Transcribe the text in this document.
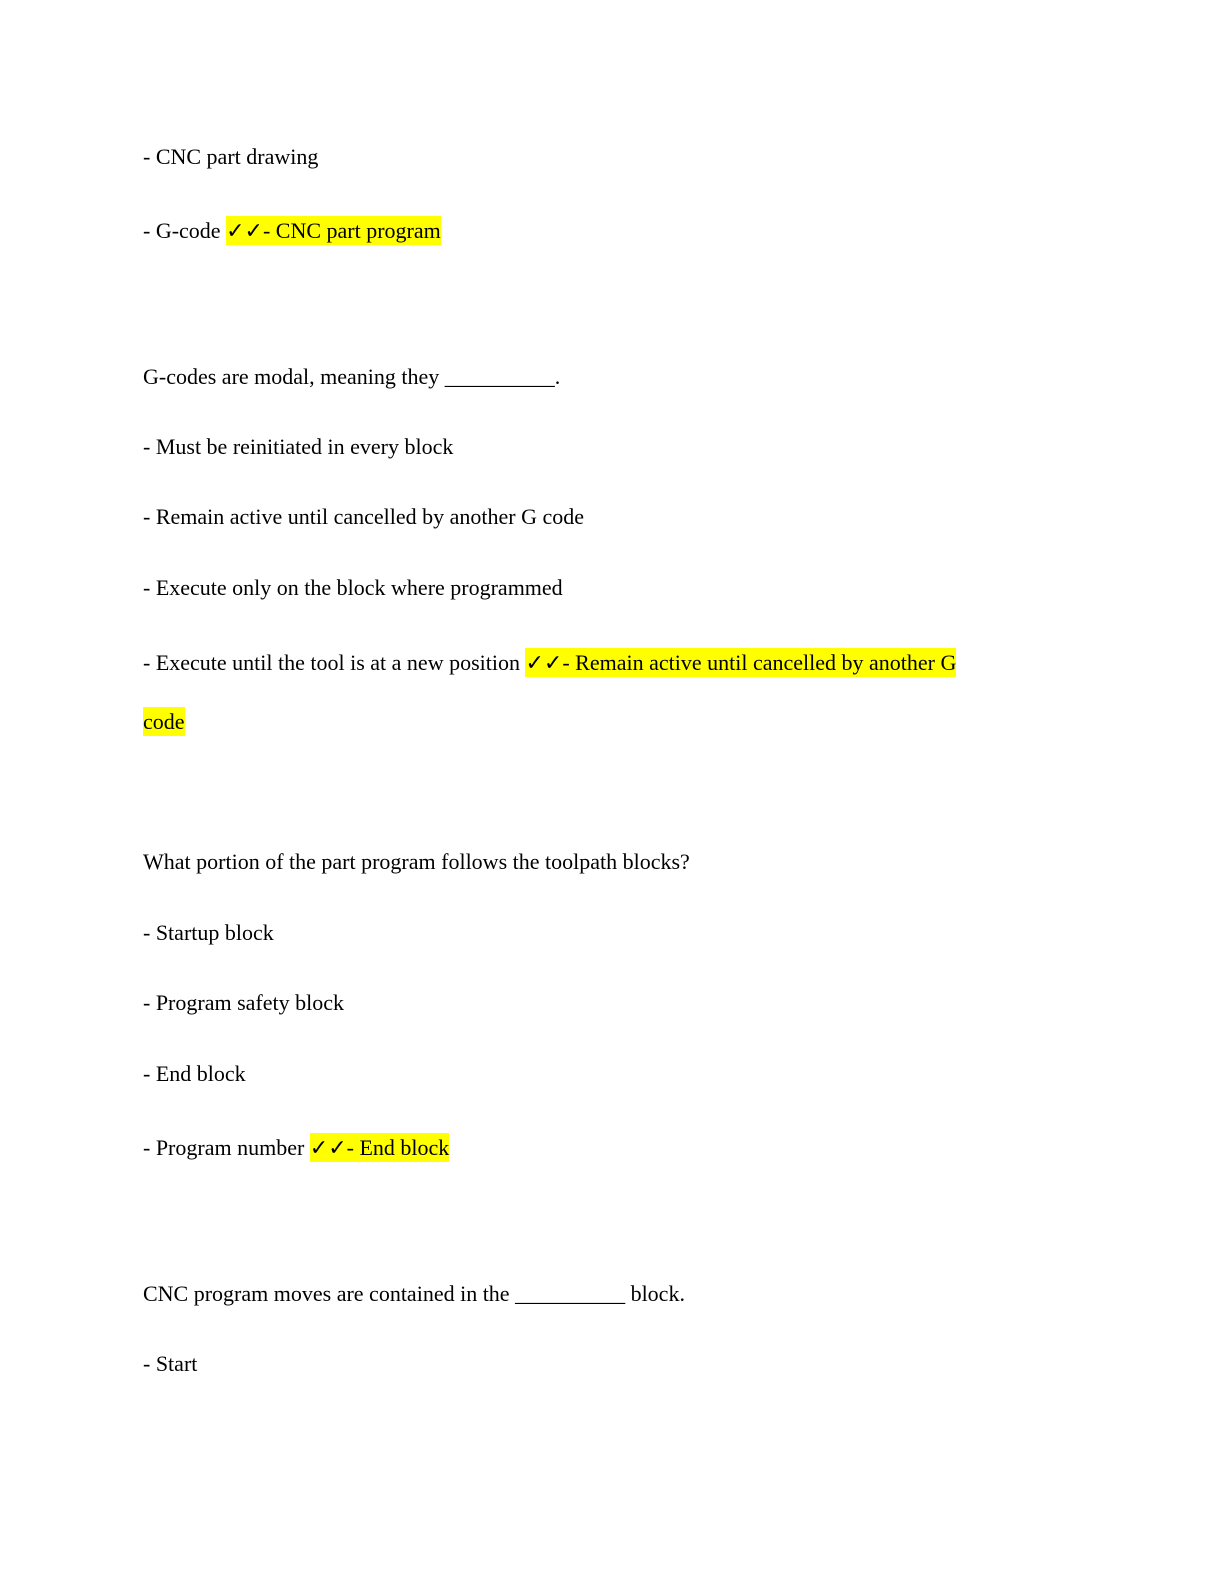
- CNC part drawing
- G-code ✓✓- CNC part program
G-codes are modal, meaning they __________.
- Must be reinitiated in every block
- Remain active until cancelled by another G code
- Execute only on the block where programmed
- Execute until the tool is at a new position ✓✓- Remain active until cancelled by another G
code
What portion of the part program follows the toolpath blocks?
- Startup block
- Program safety block
- End block
- Program number ✓✓- End block
CNC program moves are contained in the __________ block.
- Start
